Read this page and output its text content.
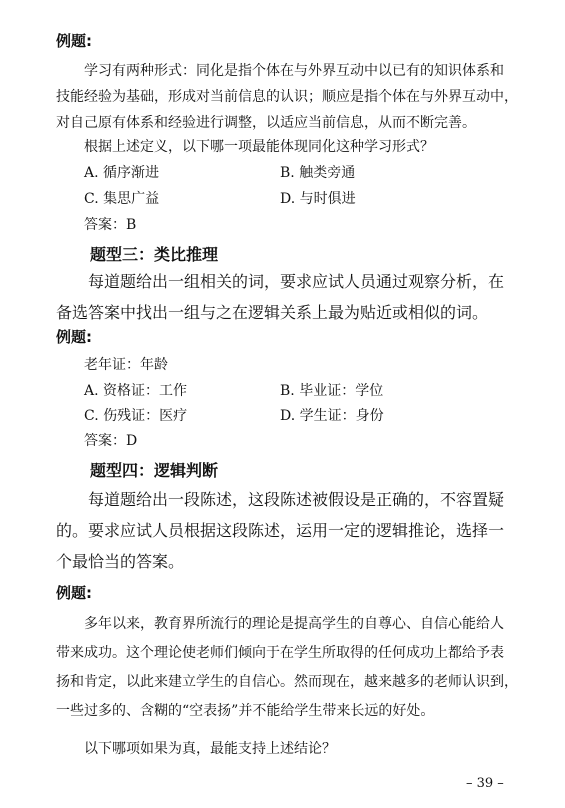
例题:

学习有两种形式：同化是指个体在与外界互动中以已有的知识体系和

技能经验为基础，形成对当前信息的认识；顺应是指个体在与外界互动中，

对自己原有体系和经验进行调整，以适应当前信息，从而不断完善。

根据上述定义，以下哪一项最能体现同化这种学习形式？
A. 循序渐进	B. 触类旁通
C. 集思广益	D. 与时俱进
答案：B
题型三：类比推理

每道题给出一组相关的词，要求应试人员通过观察分析，在

备选答案中找出一组与之在逻辑关系上最为贴近或相似的词。

例题:
老年证：年龄
A. 资格证：工作	B. 毕业证：学位
C. 伤残证：医疗	D. 学生证：身份
答案：D
题型四：逻辑判断

每道题给出一段陈述，这段陈述被假设是正确的，不容置疑

的。要求应试人员根据这段陈述，运用一定的逻辑推论，选择一

个最恰当的答案。

例题:

多年以来，教育界所流行的理论是提高学生的自尊心、自信心能给人

带来成功。这个理论使老师们倾向于在学生所取得的任何成功上都给予表

扬和肯定，以此来建立学生的自信心。然而现在，越来越多的老师认识到，

一些过多的、含糊的“空表扬”并不能给学生带来长远的好处。

以下哪项如果为真，最能支持上述结论？
– 39 –
